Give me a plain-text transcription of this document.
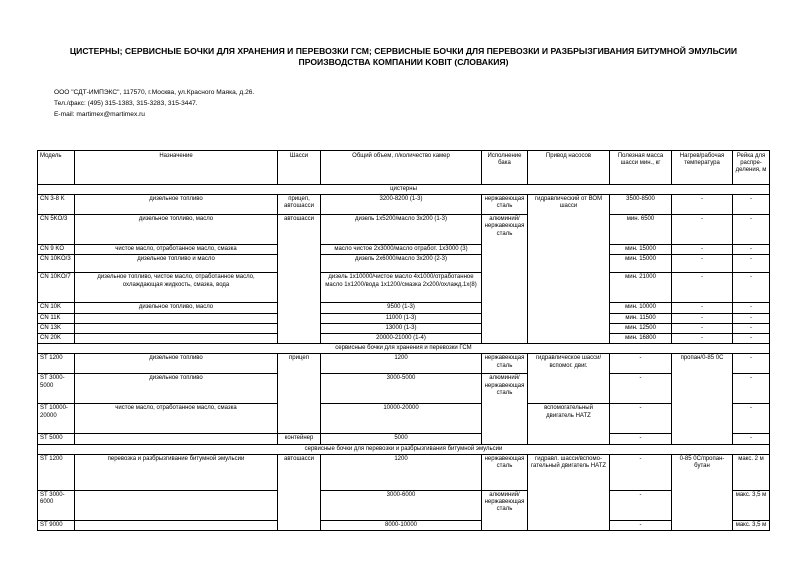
ЦИСТЕРНЫ; СЕРВИСНЫЕ БОЧКИ ДЛЯ ХРАНЕНИЯ И ПЕРЕВОЗКИ ГСМ; СЕРВИСНЫЕ БОЧКИ ДЛЯ ПЕРЕВОЗКИ И РАЗБРЫЗГИВАНИЯ БИТУМНОЙ ЭМУЛЬСИИ
ПРОИЗВОДСТВА КОМПАНИИ KOBIT (СЛОВАКИЯ)
ООО "СДТ-ИМПЭКС", 117570, г.Москва, ул.Красного Маяка, д.26.
Тел./факс: (495) 315-1383, 315-3283, 315-3447.
E-mail: martimex@martimex.ru
Модель	Назначение	Шасси	Общий объем, л/количество камер	Исполнение бака	Привод насосов	Полезная масса шасси мин., кг	Нагрев/рабочая температура	Рейка для распре-деления, м
цистерны								
CN 3-8 K	дизельное топливо	прицеп, автошасси	3200-8200 (1-3)	нержавеющая сталь	гидравлический от ВОМ шасси	3500-8500	-	-
CN 5KO/3	дизельное топливо, масло	автошасси	дизель 1х5200/масло 3х200 (1-3)	алюминий/ нержавеющая сталь		мин. 6500	-	-
CN 9 KO	чистое масло, отработанное масло, смазка		масло чистое 2х3000/масло отработ. 1х3000 (3)			мин. 15000	-	-
CN 10KO/3	дизельное топливо и масло		дизель 2х6000/масло 3х200 (2-3)			мин. 15000	-	-
CN 10KO/7	дизельное топливо, чистое масло, отработанное масло, охлаждающая жидкость, смазка, вода		дизель 1х10000/чистое масло 4х1000/отработанное масло 1х1200/вода 1х1200/смазка 2х200/охлажд.1х(8)			мин. 21000	-	-
CN 10K	дизельное топливо, масло		9500 (1-3)			мин. 10000	-	-
CN 11K			11000 (1-3)			мин. 11500	-	-
CN 13K			13000 (1-3)			мин. 12500	-	-
CN 20K			20000-21000 (1-4)			мин. 16800	-	-
сервисные бочки для хранения и перевозки ГСМ								
ST 1200	дизельное топливо	прицеп	1200	нержавеющая сталь	гидравлическое шасси/вспомог. двиг.	-	пропан/0-85 0С	-
ST 3000-5000	дизельное топливо		3000-5000	алюминий/ нержавеющая сталь		-		-
ST 10000-20000	чистое масло, отработанное масло, смазка		10000-20000		вспомогательный двигатель HATZ	-		-
ST 5000		контейнер	5000			-		-
сервисные бочки для перевозки и разбрызгивания битумной эмульсии								
ST 1200	перевозка и разбрызгивание битумной эмульсии	автошасси	1200	нержавеющая сталь	гидравл. шасси/вспомо-гательный двигатель HATZ	-	0-85 0С/пропан-бутан	макс. 2 м
ST 3000-6000			3000-6000	алюминий/ нержавеющая сталь		-		макс. 3,5 м
ST 9000			8000-10000			-		макс. 3,5 м
